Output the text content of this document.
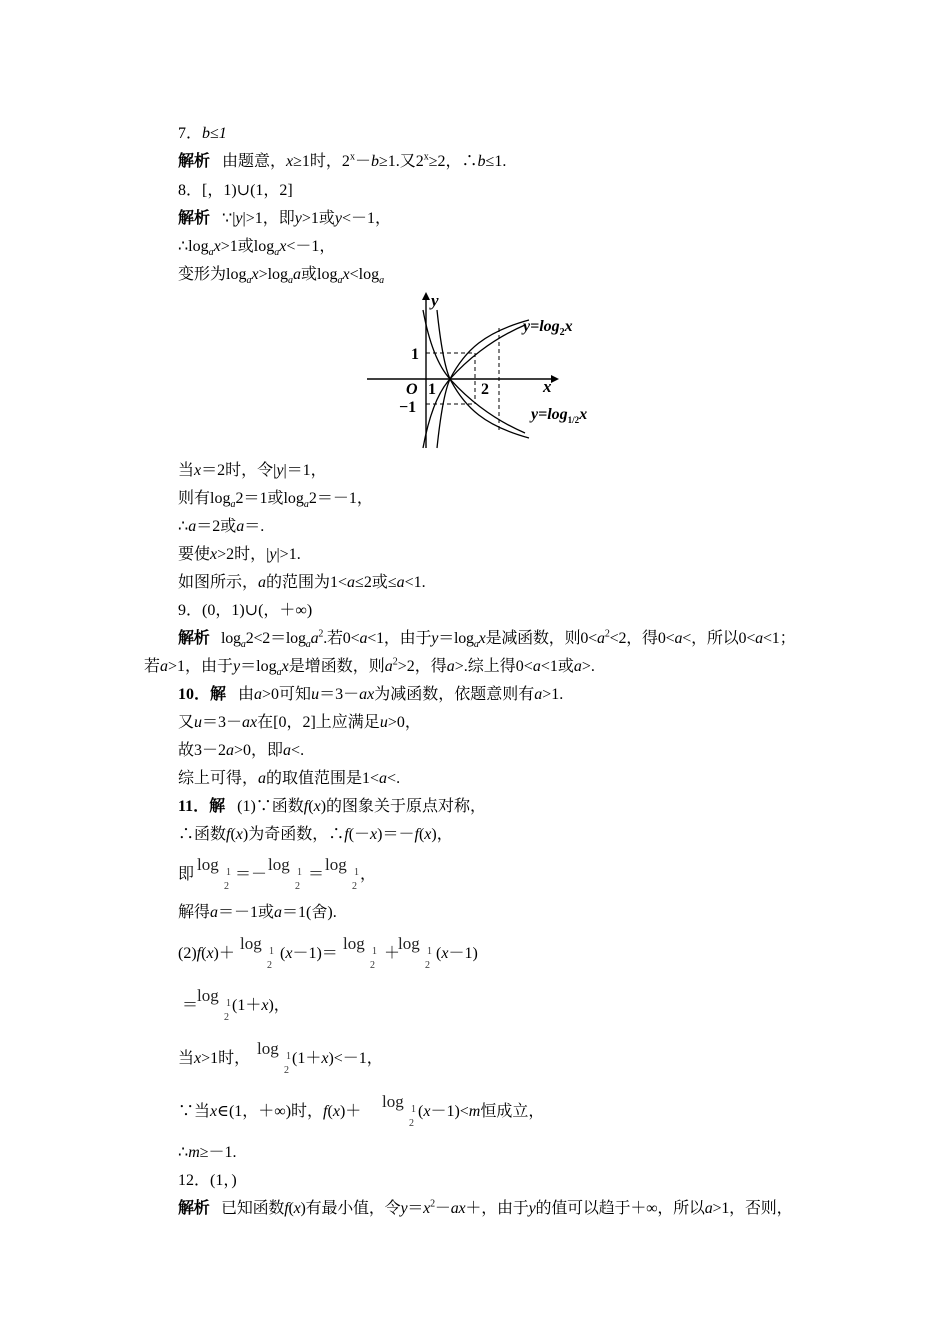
7．b≤1
解析 由题意，x≥1时，$2^x-b\ge 1$.又$2^x\ge 2$，∴b≤1.
8．[，1)∪(1，2]
解析 ∵|y|>1，即y>1或y<－1，
$\therefore\log_ax>1$或$\log_ax<-1$，
变形为$\log_ax>\log_aa$或$\log_ax<\log_a$
y
x
O 1	2
1
−1
$y=\log_2x$
$y=\log_{1/2}x$
当x＝2时，令|y|＝1，
则有$\log_a2=1$或$\log_a2=-1$，
∴a＝2或a＝.
要使x>2时，|y|>1.
如图所示，a的范围为1<a≤2或≤a<1.
9．(0，1)∪(，＋∞)
解析 $\log_a2<2=\log_aa^2$.若0<a<1，由于$y=\log_ax$是减函数，则$0<a^2<2$，得0<a<，所以0<a<1；
若a>1，由于$y=\log_ax$是增函数，则$a^2>2$，得a>.综上得0<a<1或a>.
10．解 由a>0可知u＝3－ax为减函数，依题意则有a>1.
又u＝3－ax在[0，2]上应满足u>0，
故3－2a>0，即a<.
综上可得，a的取值范围是1<a<.
11．解 (1)∵函数f(x)的图象关于原点对称，
∴函数f(x)为奇函数，∴f(－x)＝－f(x)，
即
log 1
2
＝－
log 1
2
＝
log 1
2
，
解得a＝－1或a＝1(舍).
(2)f(x)＋
log 1
2
(x－1)＝
log 1
2
＋
log 1
2
(x－1)
＝
log 1
2
(1＋x)，
当x>1时，
log 1
2
(1＋x)<－1，
∵当x∈(1，＋∞)时，f(x)＋
log 1
2
(x－1)<m恒成立，
∴m≥－1.
12．(1，)
解析 已知函数f(x)有最小值，令$y=x^2-ax+$，由于y的值可以趋于＋∞，所以a>1，否则，
